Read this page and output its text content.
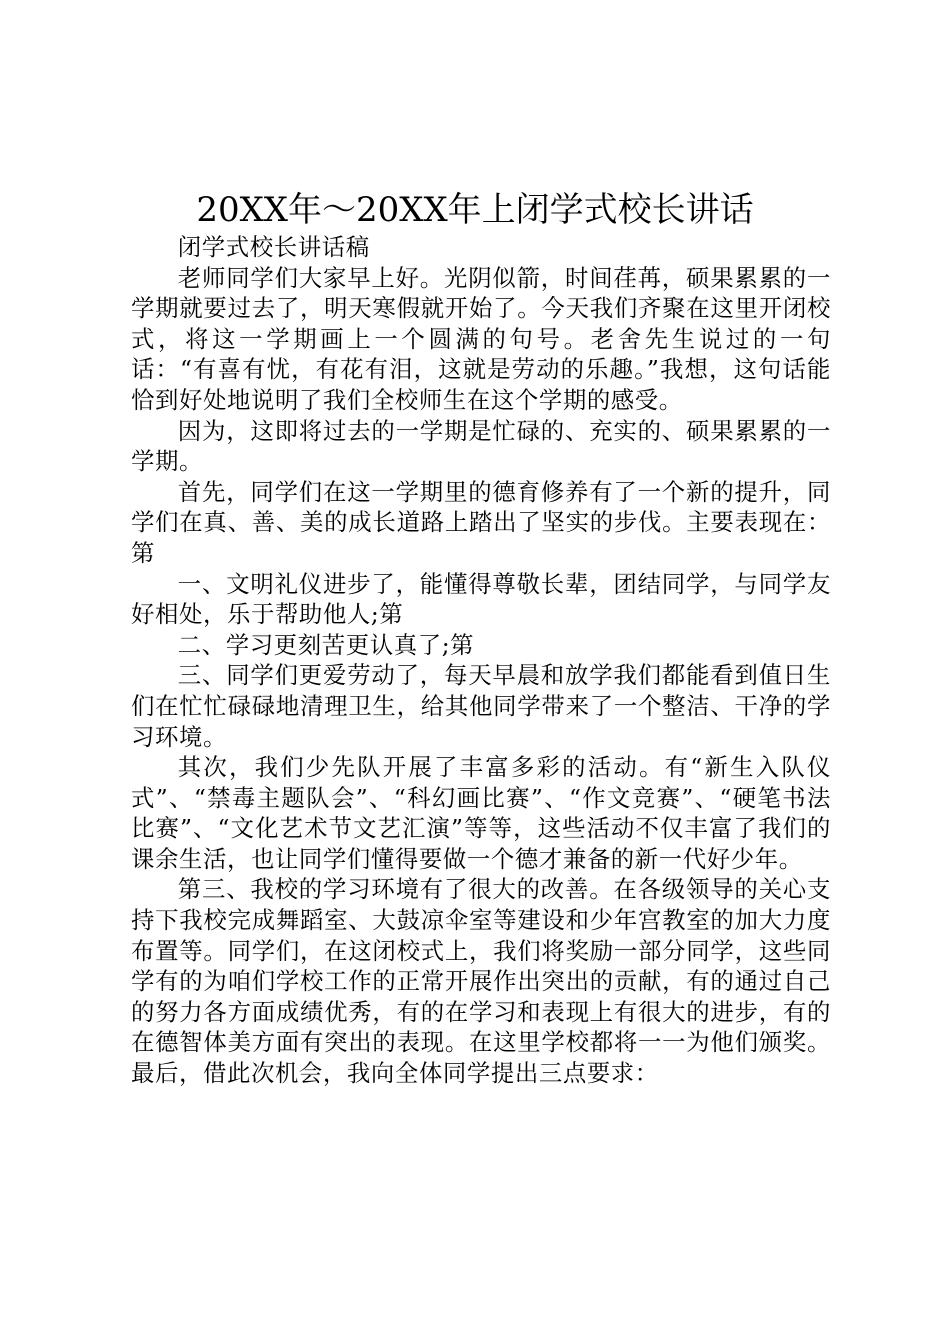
20XX年～20XX年上闭学式校长讲话

闭学式校长讲话稿

老师同学们大家早上好。光阴似箭，时间荏苒，硕果累累的一学期就要过去了，明天寒假就开始了。今天我们齐聚在这里开闭校式，将这一学期画上一个圆满的句号。老舍先生说过的一句话：“有喜有忧，有花有泪，这就是劳动的乐趣。”我想，这句话能恰到好处地说明了我们全校师生在这个学期的感受。

因为，这即将过去的一学期是忙碌的、充实的、硕果累累的一学期。

首先，同学们在这一学期里的德育修养有了一个新的提升，同学们在真、善、美的成长道路上踏出了坚实的步伐。主要表现在：第

一、文明礼仪进步了，能懂得尊敬长辈，团结同学，与同学友好相处，乐于帮助他人;第

二、学习更刻苦更认真了;第

三、同学们更爱劳动了，每天早晨和放学我们都能看到值日生们在忙忙碌碌地清理卫生，给其他同学带来了一个整洁、干净的学习环境。

其次，我们少先队开展了丰富多彩的活动。有“新生入队仪式”、“禁毒主题队会”、“科幻画比赛”、“作文竞赛”、“硬笔书法比赛”、“文化艺术节文艺汇演”等等，这些活动不仅丰富了我们的课余生活，也让同学们懂得要做一个德才兼备的新一代好少年。

第三、我校的学习环境有了很大的改善。在各级领导的关心支持下我校完成舞蹈室、大鼓凉伞室等建设和少年宫教室的加大力度布置等。同学们，在这闭校式上，我们将奖励一部分同学，这些同学有的为咱们学校工作的正常开展作出突出的贡献，有的通过自己的努力各方面成绩优秀，有的在学习和表现上有很大的进步，有的在德智体美方面有突出的表现。在这里学校都将一一为他们颁奖。最后，借此次机会，我向全体同学提出三点要求：
